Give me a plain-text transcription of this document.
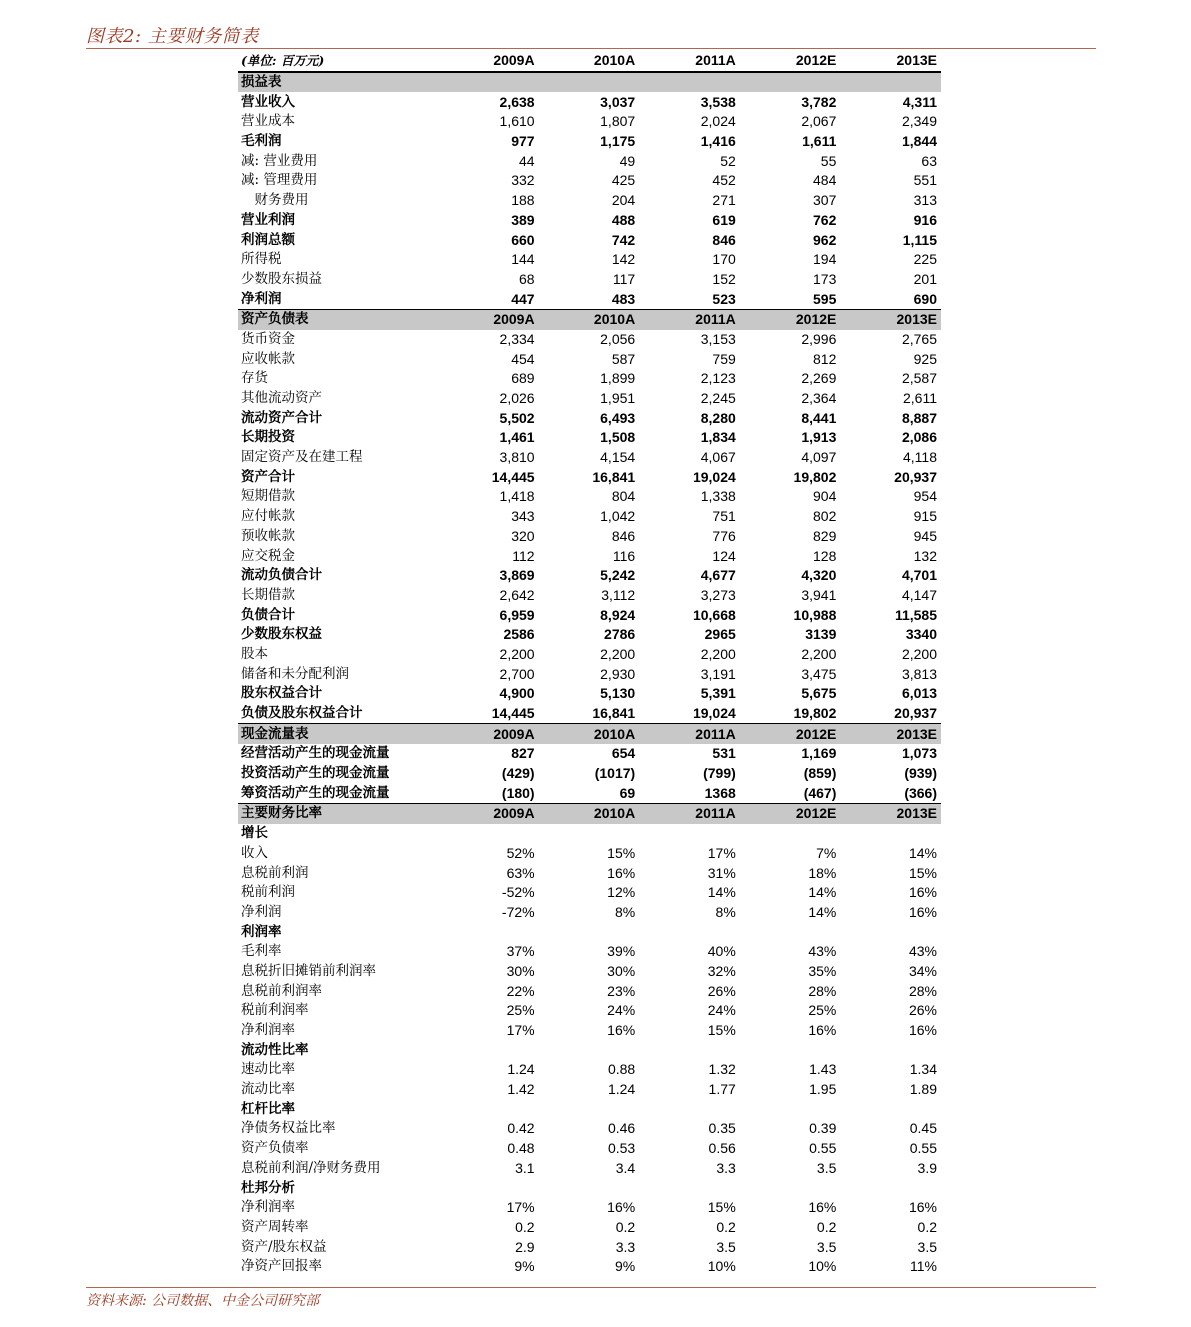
图表2: 主要财务简表
(单位: 百万元)	2009A	2010A	2011A	2012E	2013E
损益表					
营业收入	2,638	3,037	3,538	3,782	4,311
营业成本	1,610	1,807	2,024	2,067	2,349
毛利润	977	1,175	1,416	1,611	1,844
减: 营业费用	44	49	52	55	63
减: 管理费用	332	425	452	484	551
　财务费用	188	204	271	307	313
营业利润	389	488	619	762	916
利润总额	660	742	846	962	1,115
所得税	144	142	170	194	225
少数股东损益	68	117	152	173	201
净利润	447	483	523	595	690
资产负债表	2009A	2010A	2011A	2012E	2013E
货币资金	2,334	2,056	3,153	2,996	2,765
应收帐款	454	587	759	812	925
存货	689	1,899	2,123	2,269	2,587
其他流动资产	2,026	1,951	2,245	2,364	2,611
流动资产合计	5,502	6,493	8,280	8,441	8,887
长期投资	1,461	1,508	1,834	1,913	2,086
固定资产及在建工程	3,810	4,154	4,067	4,097	4,118
资产合计	14,445	16,841	19,024	19,802	20,937
短期借款	1,418	804	1,338	904	954
应付帐款	343	1,042	751	802	915
预收帐款	320	846	776	829	945
应交税金	112	116	124	128	132
流动负债合计	3,869	5,242	4,677	4,320	4,701
长期借款	2,642	3,112	3,273	3,941	4,147
负债合计	6,959	8,924	10,668	10,988	11,585
少数股东权益	2586	2786	2965	3139	3340
股本	2,200	2,200	2,200	2,200	2,200
储备和未分配利润	2,700	2,930	3,191	3,475	3,813
股东权益合计	4,900	5,130	5,391	5,675	6,013
负债及股东权益合计	14,445	16,841	19,024	19,802	20,937
现金流量表	2009A	2010A	2011A	2012E	2013E
经营活动产生的现金流量	827	654	531	1,169	1,073
投资活动产生的现金流量	(429)	(1017)	(799)	(859)	(939)
筹资活动产生的现金流量	(180)	69	1368	(467)	(366)
主要财务比率	2009A	2010A	2011A	2012E	2013E
增长					
收入	52%	15%	17%	7%	14%
息税前利润	63%	16%	31%	18%	15%
税前利润	-52%	12%	14%	14%	16%
净利润	-72%	8%	8%	14%	16%
利润率					
毛利率	37%	39%	40%	43%	43%
息税折旧摊销前利润率	30%	30%	32%	35%	34%
息税前利润率	22%	23%	26%	28%	28%
税前利润率	25%	24%	24%	25%	26%
净利润率	17%	16%	15%	16%	16%
流动性比率					
速动比率	1.24	0.88	1.32	1.43	1.34
流动比率	1.42	1.24	1.77	1.95	1.89
杠杆比率					
净债务权益比率	0.42	0.46	0.35	0.39	0.45
资产负债率	0.48	0.53	0.56	0.55	0.55
息税前利润/净财务费用	3.1	3.4	3.3	3.5	3.9
杜邦分析					
净利润率	17%	16%	15%	16%	16%
资产周转率	0.2	0.2	0.2	0.2	0.2
资产/股东权益	2.9	3.3	3.5	3.5	3.5
净资产回报率	9%	9%	10%	10%	11%
资料来源: 公司数据、中金公司研究部
